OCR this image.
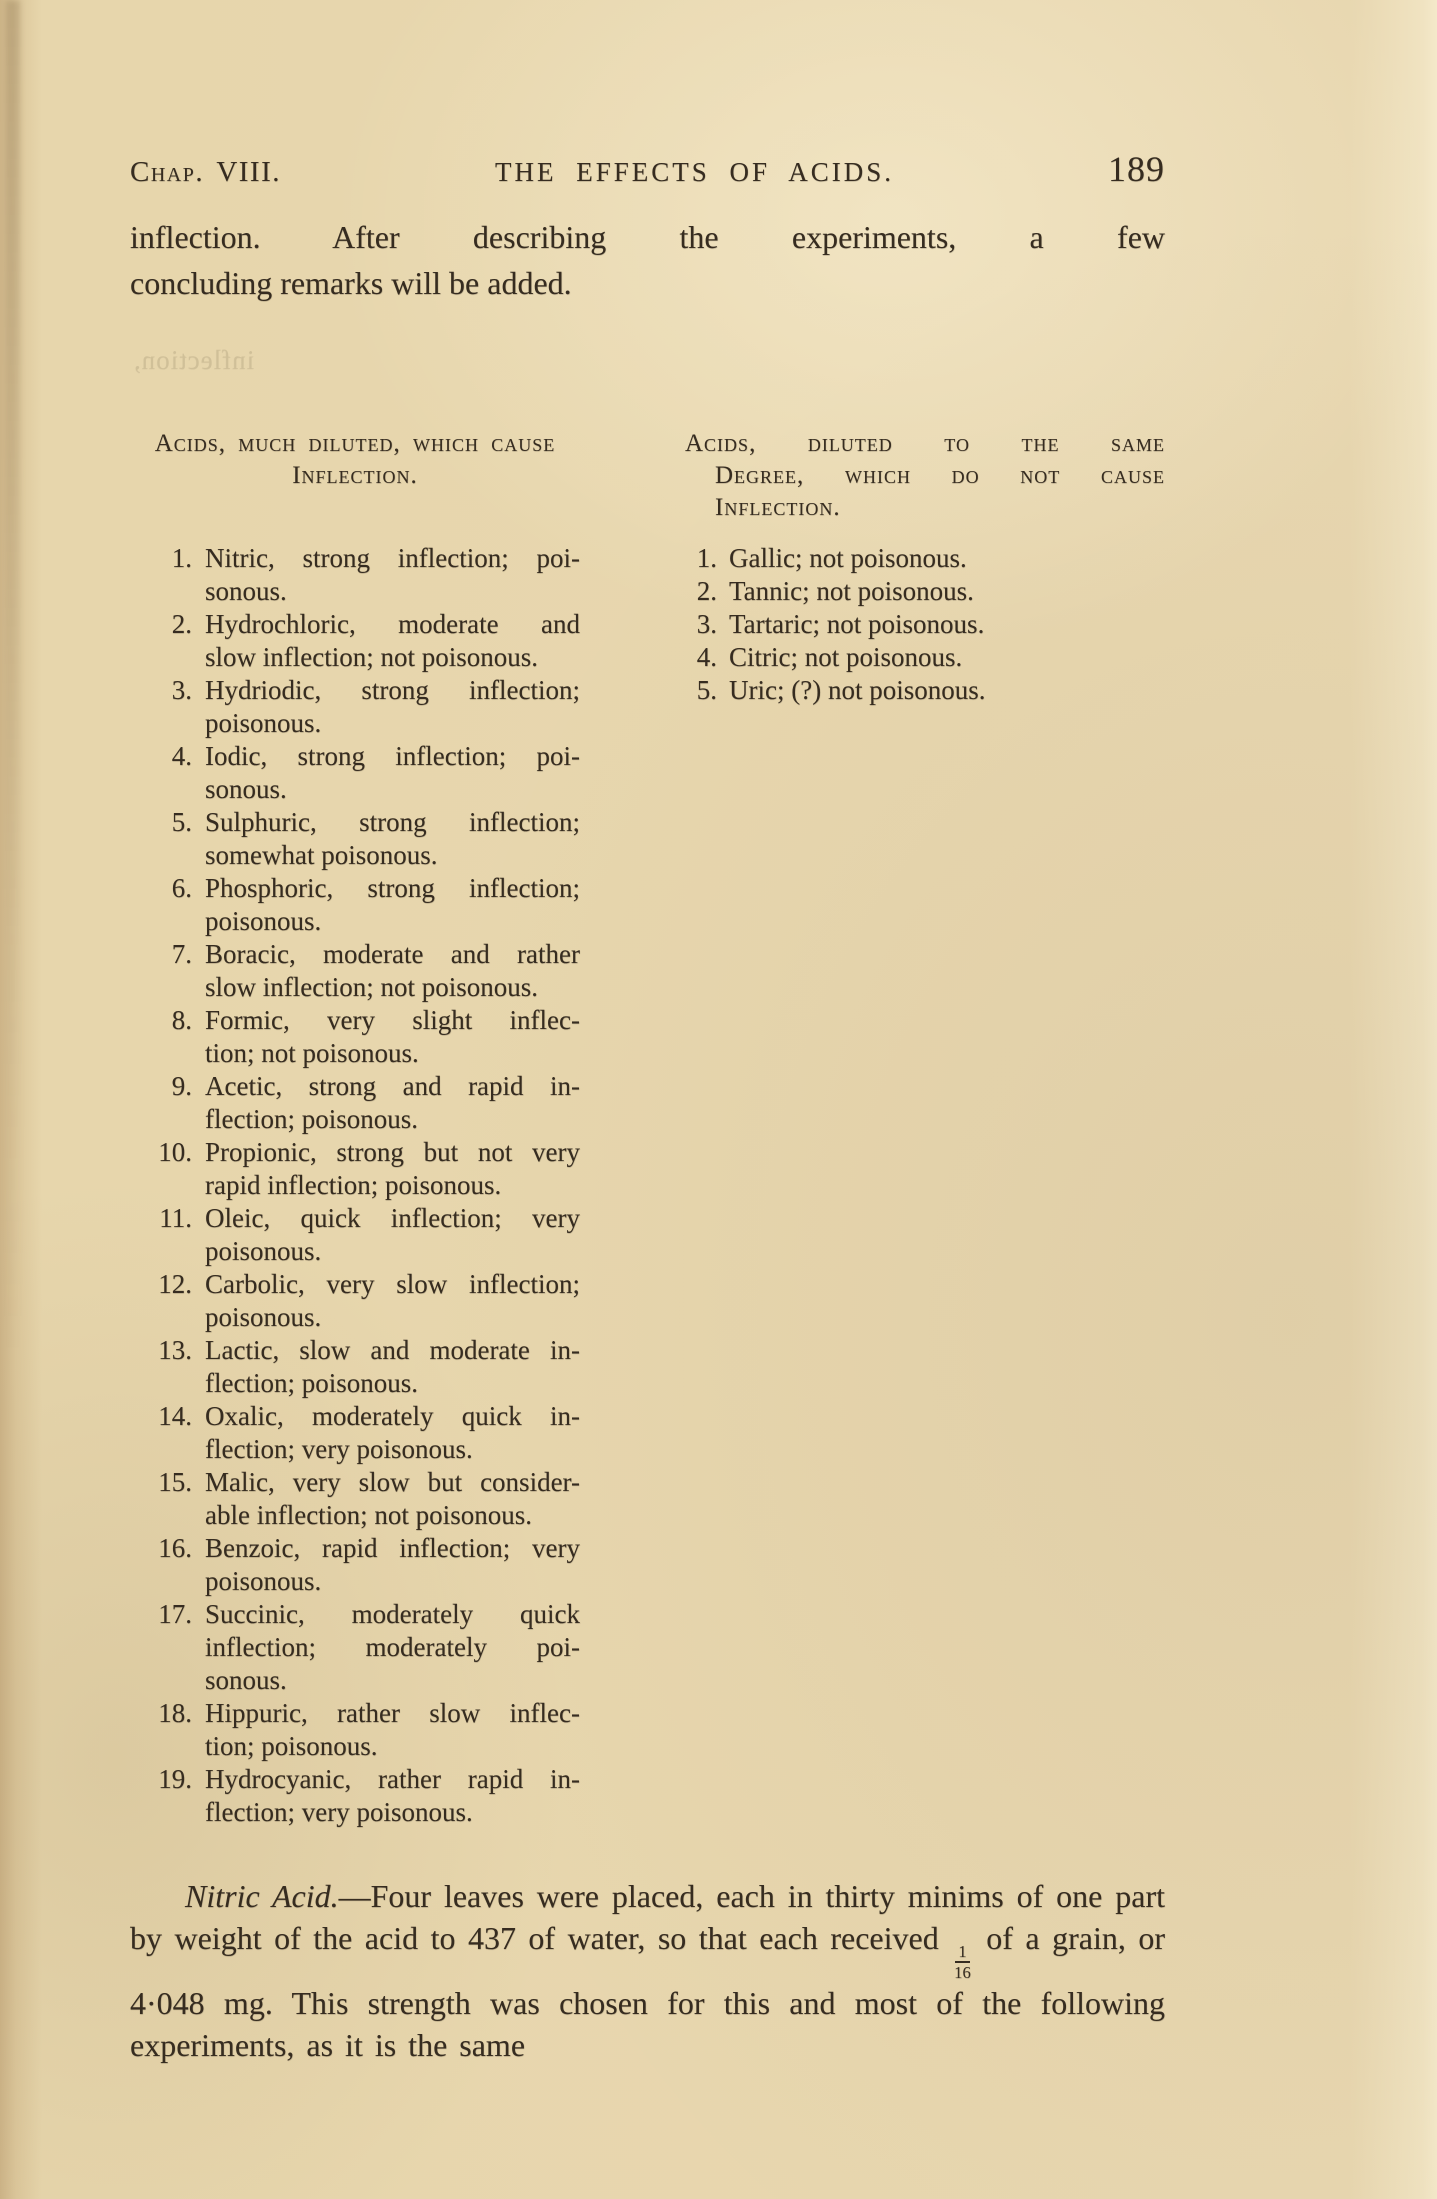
inflection,
Chap. VIII.	THE EFFECTS OF ACIDS.	189
inflection. After describing the experiments, a few
concluding remarks will be added.
Acids, much diluted, which cause
Inflection.
1. Nitric, strong inflection; poi-
sonous.
2. Hydrochloric, moderate and
slow inflection; not poisonous.
3. Hydriodic, strong inflection;
poisonous.
4. Iodic, strong inflection; poi-
sonous.
5. Sulphuric, strong inflection;
somewhat poisonous.
6. Phosphoric, strong inflection;
poisonous.
7. Boracic, moderate and rather
slow inflection; not poisonous.
8. Formic, very slight inflec-
tion; not poisonous.
9. Acetic, strong and rapid in-
flection; poisonous.
10. Propionic, strong but not very
rapid inflection; poisonous.
11. Oleic, quick inflection; very
poisonous.
12. Carbolic, very slow inflection;
poisonous.
13. Lactic, slow and moderate in-
flection; poisonous.
14. Oxalic, moderately quick in-
flection; very poisonous.
15. Malic, very slow but consider-
able inflection; not poisonous.
16. Benzoic, rapid inflection; very
poisonous.
17. Succinic, moderately quick
inflection; moderately poi-
sonous.
18. Hippuric, rather slow inflec-
tion; poisonous.
19. Hydrocyanic, rather rapid in-
flection; very poisonous.
Acids, diluted to the same
Degree, which do not cause
Inflection.
1. Gallic; not poisonous.
2. Tannic; not poisonous.
3. Tartaric; not poisonous.
4. Citric; not poisonous.
5. Uric; (?) not poisonous.
Nitric Acid.—Four leaves were placed, each in thirty minims of one part by weight of the acid to 437 of water, so that each received
$\frac{1}{16}$
of a grain, or 4·048 mg. This strength was chosen for this and most of the following experiments, as it is the same
